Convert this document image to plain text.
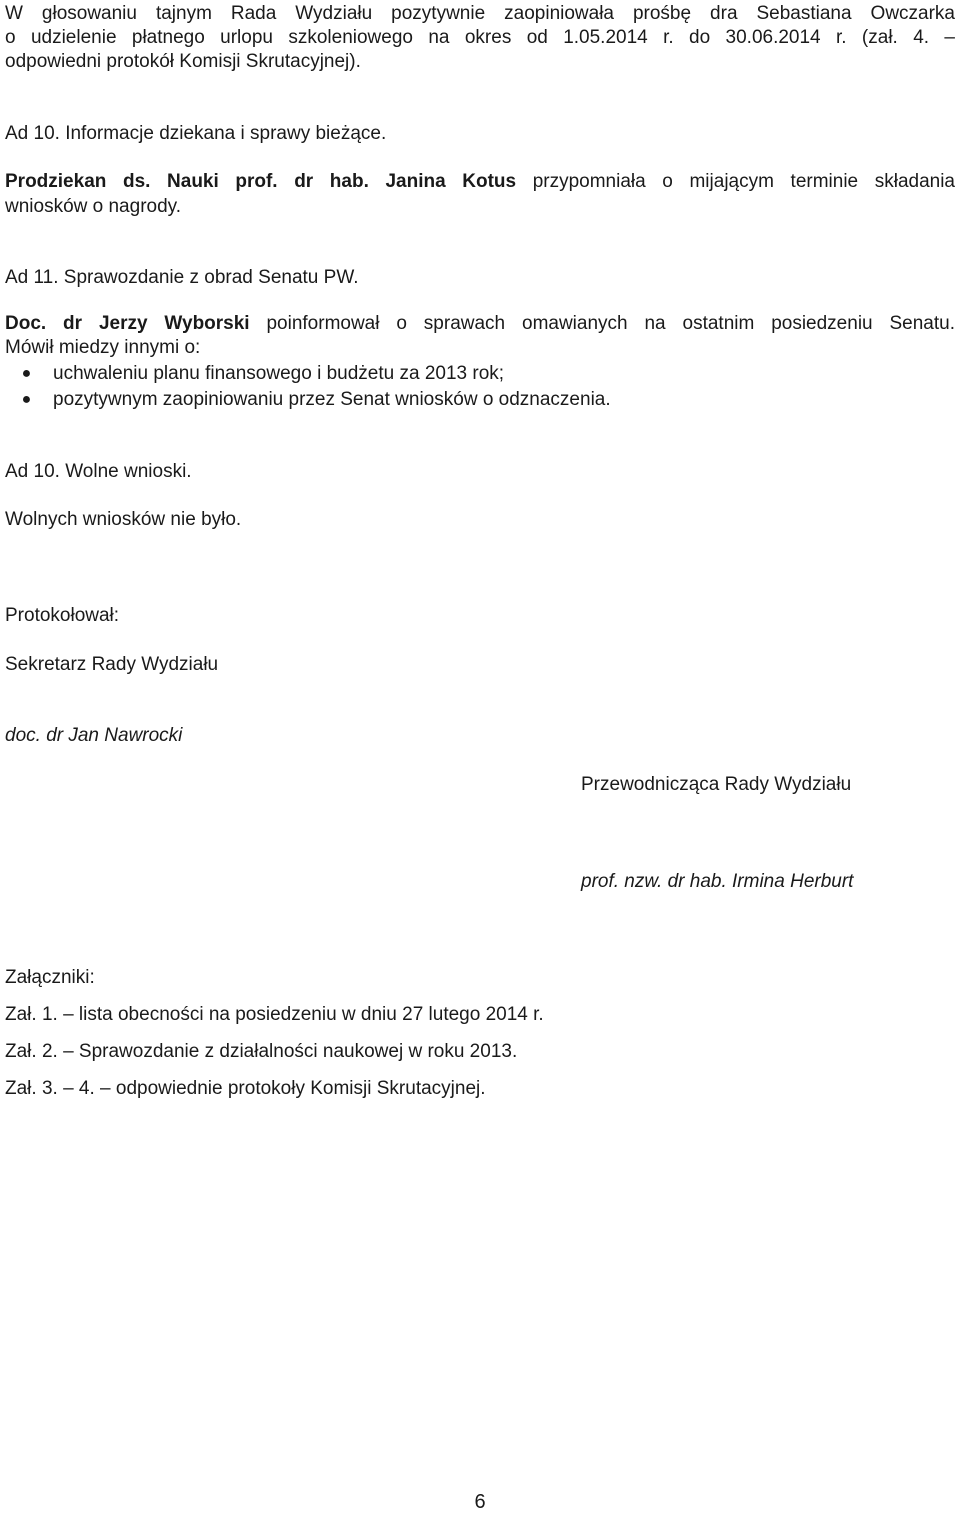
W głosowaniu tajnym Rada Wydziału pozytywnie zaopiniowała prośbę dra Sebastiana Owczarka
o udzielenie płatnego urlopu szkoleniowego na okres od 1.05.2014 r. do 30.06.2014 r. (zał. 4. –
odpowiedni protokół Komisji Skrutacyjnej).
Ad 10. Informacje dziekana i sprawy bieżące.
Prodziekan ds. Nauki prof. dr hab. Janina Kotus przypomniała o mijającym terminie składania
wniosków o nagrody.
Ad 11. Sprawozdanie z obrad Senatu PW.
Doc. dr Jerzy Wyborski poinformował o sprawach omawianych na ostatnim posiedzeniu Senatu.
Mówił miedzy innymi o:
●	uchwaleniu planu finansowego i budżetu za 2013 rok;
●	pozytywnym zaopiniowaniu przez Senat wniosków o odznaczenia.
Ad 10. Wolne wnioski.
Wolnych wniosków nie było.
Protokołował:
Sekretarz Rady Wydziału
doc. dr Jan Nawrocki
Przewodnicząca Rady Wydziału
prof. nzw. dr hab. Irmina Herburt
Załączniki:
Zał. 1. – lista obecności na posiedzeniu w dniu 27 lutego 2014 r.
Zał. 2. – Sprawozdanie z działalności naukowej w roku 2013.
Zał. 3. – 4. – odpowiednie protokoły Komisji Skrutacyjnej.
6
